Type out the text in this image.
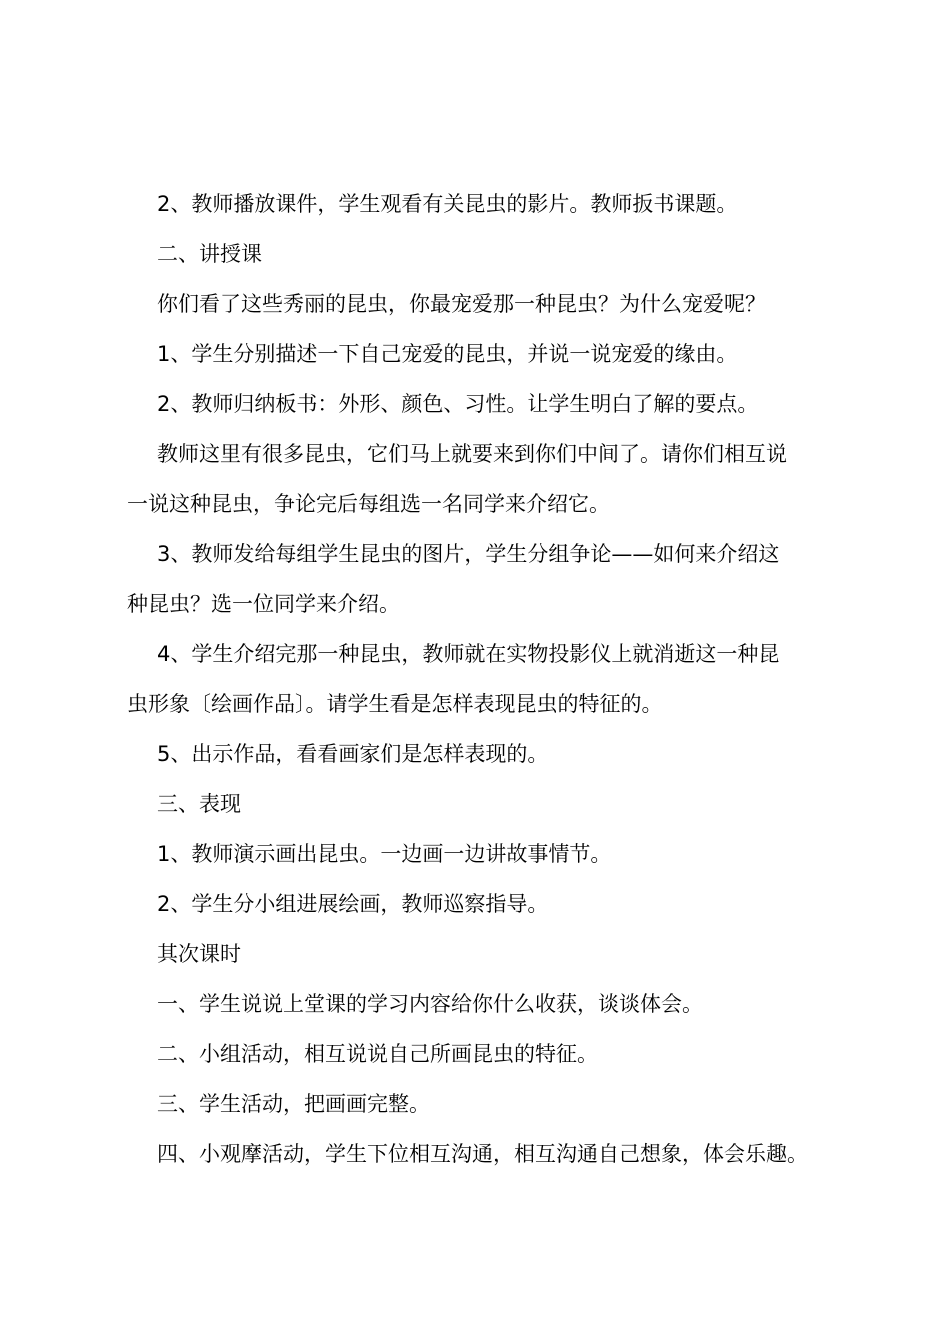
2、教师播放课件，学生观看有关昆虫的影片。教师扳书课题。
二、讲授课
你们看了这些秀丽的昆虫，你最宠爱那一种昆虫？为什么宠爱呢？
1、学生分别描述一下自己宠爱的昆虫，并说一说宠爱的缘由。
2、教师归纳板书：外形、颜色、习性。让学生明白了解的要点。
教师这里有很多昆虫，它们马上就要来到你们中间了。请你们相互说
一说这种昆虫，争论完后每组选一名同学来介绍它。
3、教师发给每组学生昆虫的图片，学生分组争论——如何来介绍这
种昆虫？选一位同学来介绍。
4、学生介绍完那一种昆虫，教师就在实物投影仪上就消逝这一种昆
虫形象〔绘画作品〕。请学生看是怎样表现昆虫的特征的。
5、出示作品，看看画家们是怎样表现的。
三、表现
1、教师演示画出昆虫。一边画一边讲故事情节。
2、学生分小组进展绘画，教师巡察指导。
其次课时
一、学生说说上堂课的学习内容给你什么收获，谈谈体会。
二、小组活动，相互说说自己所画昆虫的特征。
三、学生活动，把画画完整。
四、小观摩活动，学生下位相互沟通，相互沟通自己想象，体会乐趣。
